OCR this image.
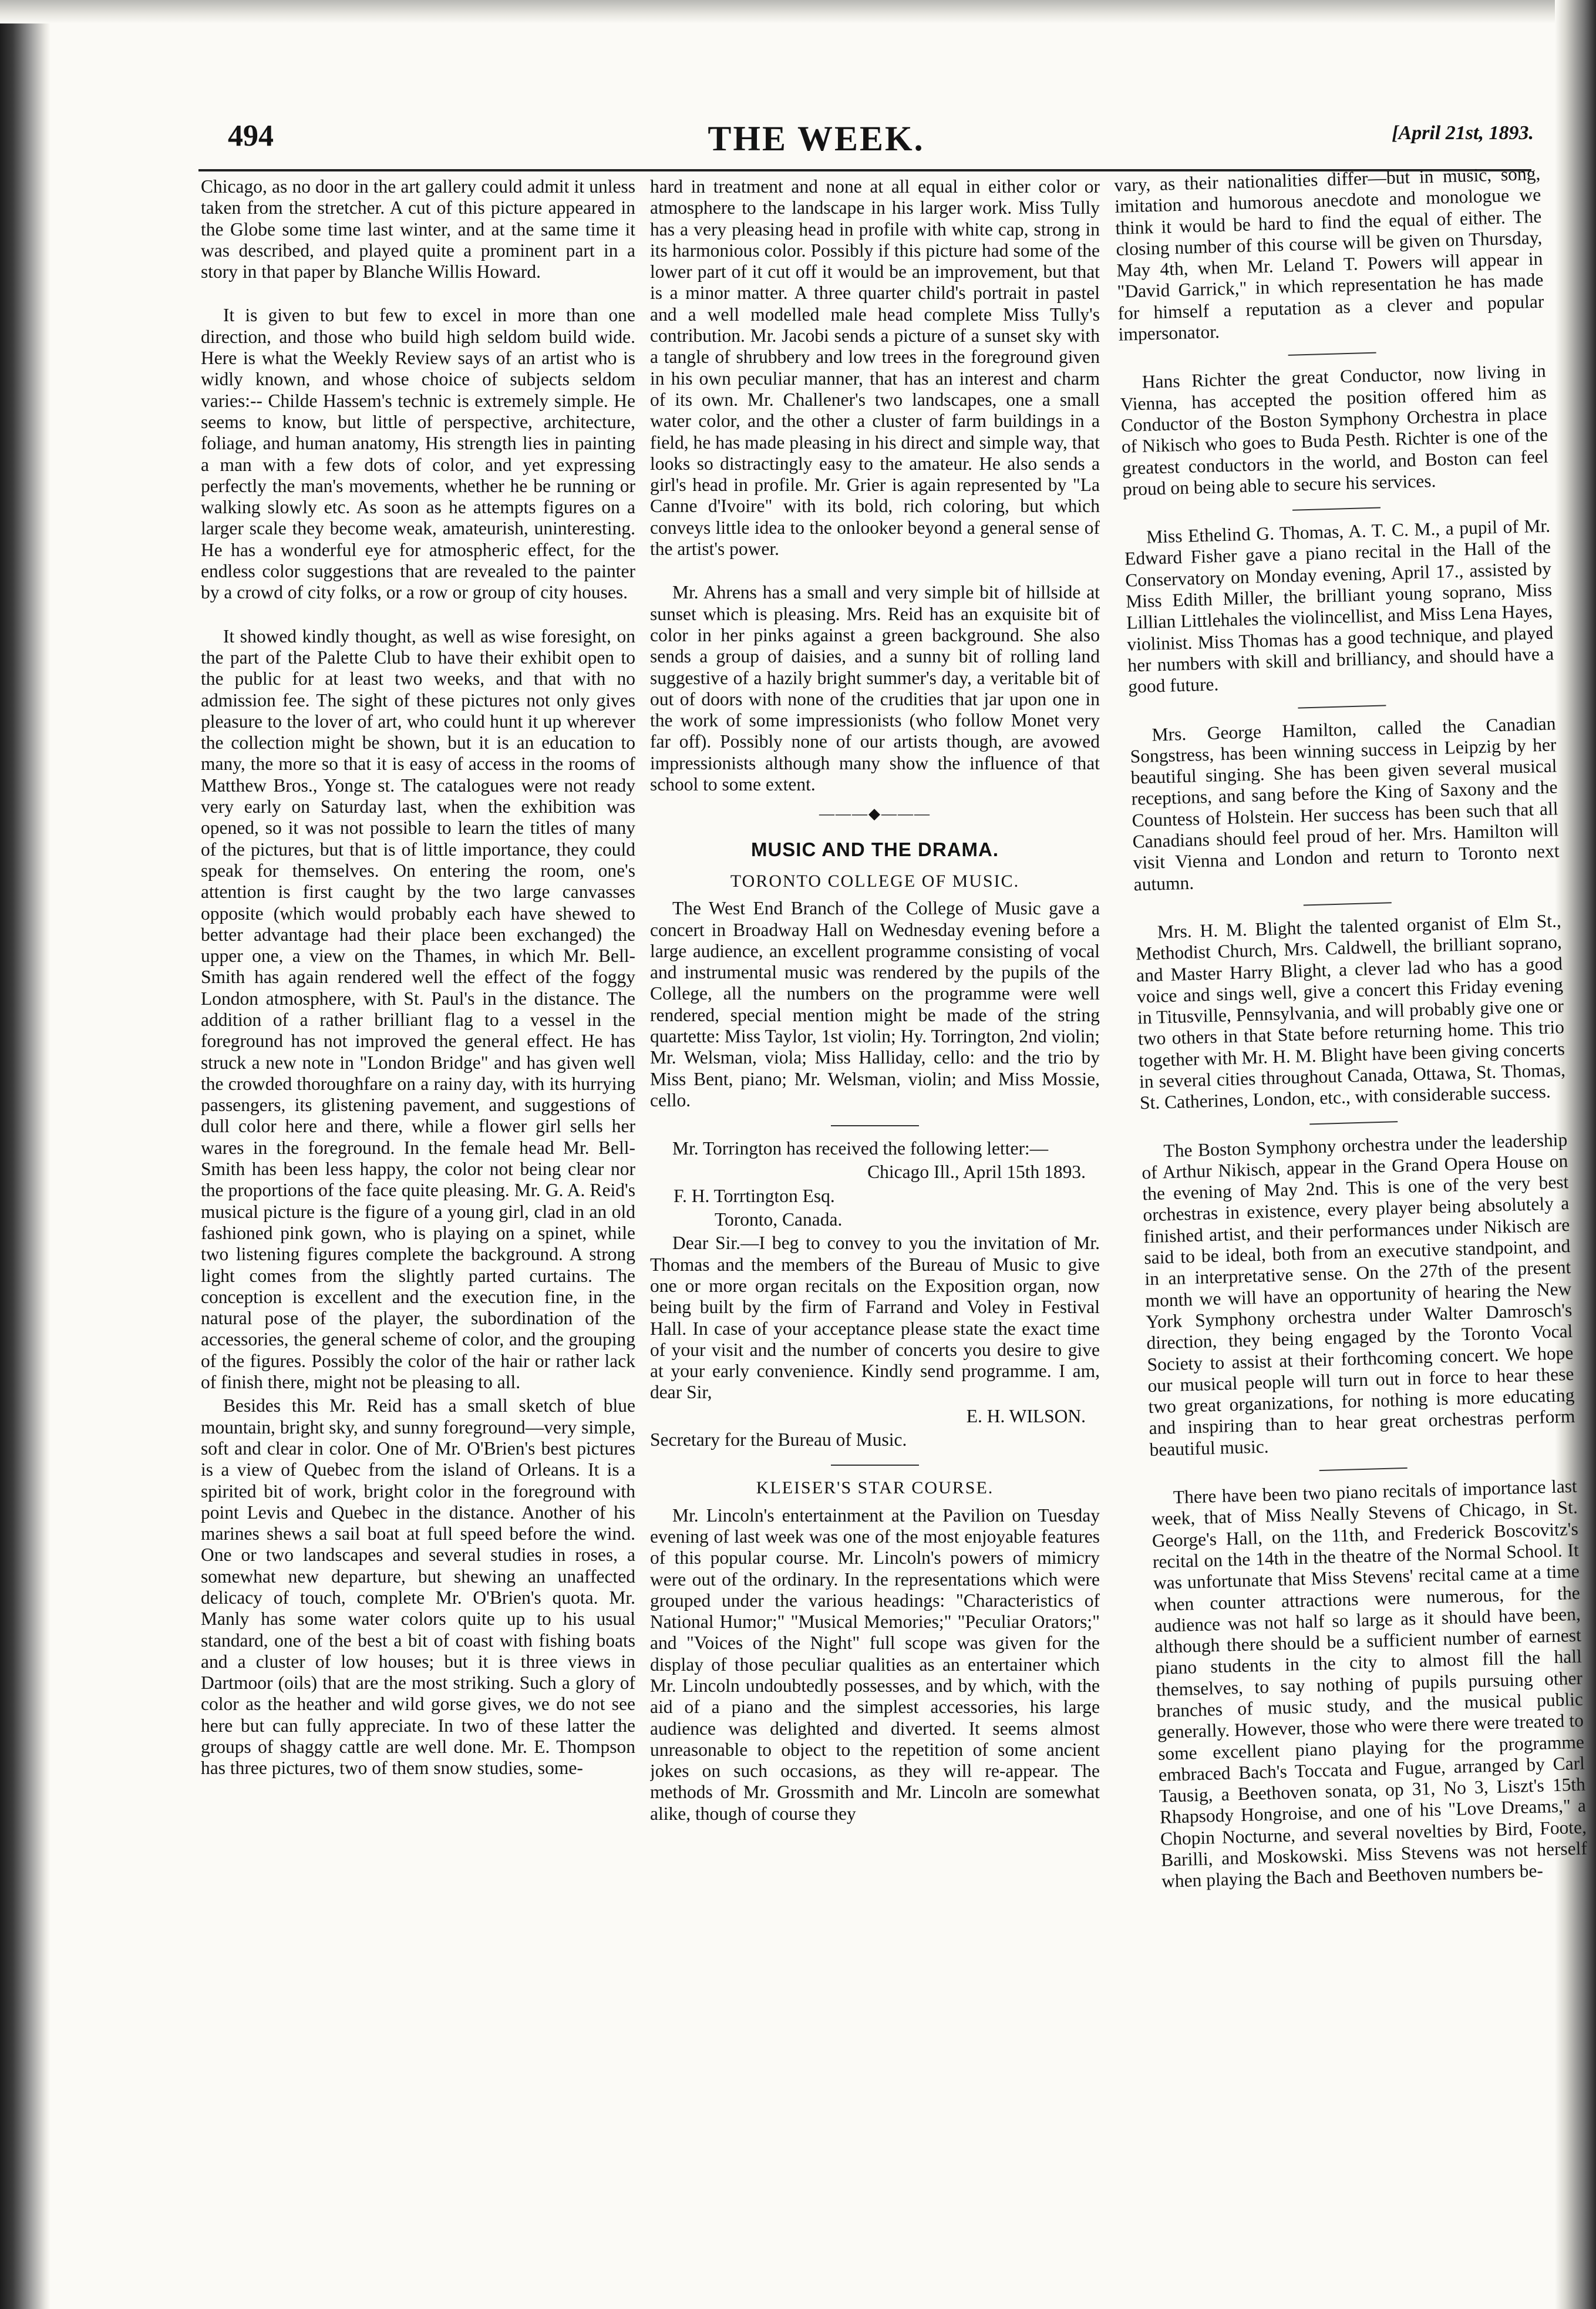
494	THE WEEK.	[April 21st, 1893.

Chicago, as no door in the art gallery could admit it unless taken from the stretcher. A cut of this picture appeared in the Globe some time last winter, and at the same time it was described, and played quite a prominent part in a story in that paper by Blanche Willis Howard.

It is given to but few to excel in more than one direction, and those who build high seldom build wide. Here is what the Weekly Review says of an artist who is widly known, and whose choice of subjects seldom varies:-- Childe Hassem's technic is extremely simple. He seems to know, but little of perspective, architecture, foliage, and human anatomy, His strength lies in painting a man with a few dots of color, and yet expressing perfectly the man's movements, whether he be running or walking slowly etc. As soon as he attempts figures on a larger scale they become weak, amateurish, uninteresting. He has a wonderful eye for atmospheric effect, for the endless color suggestions that are revealed to the painter by a crowd of city folks, or a row or group of city houses.

It showed kindly thought, as well as wise foresight, on the part of the Palette Club to have their exhibit open to the public for at least two weeks, and that with no admission fee. The sight of these pictures not only gives pleasure to the lover of art, who could hunt it up wherever the collection might be shown, but it is an education to many, the more so that it is easy of access in the rooms of Matthew Bros., Yonge st. The catalogues were not ready very early on Saturday last, when the exhibition was opened, so it was not possible to learn the titles of many of the pictures, but that is of little importance, they could speak for themselves. On entering the room, one's attention is first caught by the two large canvasses opposite (which would probably each have shewed to better advantage had their place been exchanged) the upper one, a view on the Thames, in which Mr. Bell-Smith has again rendered well the effect of the foggy London atmosphere, with St. Paul's in the distance. The addition of a rather brilliant flag to a vessel in the foreground has not improved the general effect. He has struck a new note in "London Bridge" and has given well the crowded thoroughfare on a rainy day, with its hurrying passengers, its glistening pavement, and suggestions of dull color here and there, while a flower girl sells her wares in the foreground. In the female head Mr. Bell-Smith has been less happy, the color not being clear nor the proportions of the face quite pleasing. Mr. G. A. Reid's musical picture is the figure of a young girl, clad in an old fashioned pink gown, who is playing on a spinet, while two listening figures complete the background. A strong light comes from the slightly parted curtains. The conception is excellent and the execution fine, in the natural pose of the player, the subordination of the accessories, the general scheme of color, and the grouping of the figures. Possibly the color of the hair or rather lack of finish there, might not be pleasing to all.

Besides this Mr. Reid has a small sketch of blue mountain, bright sky, and sunny foreground—very simple, soft and clear in color. One of Mr. O'Brien's best pictures is a view of Quebec from the island of Orleans. It is a spirited bit of work, bright color in the foreground with point Levis and Quebec in the distance. Another of his marines shews a sail boat at full speed before the wind. One or two landscapes and several studies in roses, a somewhat new departure, but shewing an unaffected delicacy of touch, complete Mr. O'Brien's quota. Mr. Manly has some water colors quite up to his usual standard, one of the best a bit of coast with fishing boats and a cluster of low houses; but it is three views in Dartmoor (oils) that are the most striking. Such a glory of color as the heather and wild gorse gives, we do not see here but can fully appreciate. In two of these latter the groups of shaggy cattle are well done. Mr. E. Thompson has three pictures, two of them snow studies, some-

hard in treatment and none at all equal in either color or atmosphere to the landscape in his larger work. Miss Tully has a very pleasing head in profile with white cap, strong in its harmonious color. Possibly if this picture had some of the lower part of it cut off it would be an improvement, but that is a minor matter. A three quarter child's portrait in pastel and a well modelled male head complete Miss Tully's contribution. Mr. Jacobi sends a picture of a sunset sky with a tangle of shrubbery and low trees in the foreground given in his own peculiar manner, that has an interest and charm of its own. Mr. Challener's two landscapes, one a small water color, and the other a cluster of farm buildings in a field, he has made pleasing in his direct and simple way, that looks so distractingly easy to the amateur. He also sends a girl's head in profile. Mr. Grier is again represented by "La Canne d'Ivoire" with its bold, rich coloring, but which conveys little idea to the onlooker beyond a general sense of the artist's power.

Mr. Ahrens has a small and very simple bit of hillside at sunset which is pleasing. Mrs. Reid has an exquisite bit of color in her pinks against a green background. She also sends a group of daisies, and a sunny bit of rolling land suggestive of a hazily bright summer's day, a veritable bit of out of doors with none of the crudities that jar upon one in the work of some impressionists (who follow Monet very far off). Possibly none of our artists though, are avowed impressionists although many show the influence of that school to some extent.

———◆———
MUSIC AND THE DRAMA.
TORONTO COLLEGE OF MUSIC.

The West End Branch of the College of Music gave a concert in Broadway Hall on Wednesday evening before a large audience, an excellent programme consisting of vocal and instrumental music was rendered by the pupils of the College, all the numbers on the programme were well rendered, special mention might be made of the string quartette: Miss Taylor, 1st violin; Hy. Torrington, 2nd violin; Mr. Welsman, viola; Miss Halliday, cello: and the trio by Miss Bent, piano; Mr. Welsman, violin; and Miss Mossie, cello.

Mr. Torrington has received the following letter:—

Chicago Ill., April 15th 1893.

F. H. Torrtington Esq.

Toronto, Canada.

Dear Sir.—I beg to convey to you the invitation of Mr. Thomas and the members of the Bureau of Music to give one or more organ recitals on the Exposition organ, now being built by the firm of Farrand and Voley in Festival Hall. In case of your acceptance please state the exact time of your visit and the number of concerts you desire to give at your early convenience. Kindly send programme. I am, dear Sir,

E. H. WILSON.

Secretary for the Bureau of Music.

KLEISER'S STAR COURSE.

Mr. Lincoln's entertainment at the Pavilion on Tuesday evening of last week was one of the most enjoyable features of this popular course. Mr. Lincoln's powers of mimicry were out of the ordinary. In the representations which were grouped under the various headings: "Characteristics of National Humor;" "Musical Memories;" "Peculiar Orators;" and "Voices of the Night" full scope was given for the display of those peculiar qualities as an entertainer which Mr. Lincoln undoubtedly possesses, and by which, with the aid of a piano and the simplest accessories, his large audience was delighted and diverted. It seems almost unreasonable to object to the repetition of some ancient jokes on such occasions, as they will re-appear. The methods of Mr. Grossmith and Mr. Lincoln are somewhat alike, though of course they

vary, as their nationalities differ—but in music, song, imitation and humorous anecdote and monologue we think it would be hard to find the equal of either. The closing number of this course will be given on Thursday, May 4th, when Mr. Leland T. Powers will appear in "David Garrick," in which representation he has made for himself a reputation as a clever and popular impersonator.

Hans Richter the great Conductor, now living in Vienna, has accepted the position offered him as Conductor of the Boston Symphony Orchestra in place of Nikisch who goes to Buda Pesth. Richter is one of the greatest conductors in the world, and Boston can feel proud on being able to secure his services.

Miss Ethelind G. Thomas, A. T. C. M., a pupil of Mr. Edward Fisher gave a piano recital in the Hall of the Conservatory on Monday evening, April 17., assisted by Miss Edith Miller, the brilliant young soprano, Miss Lillian Littlehales the violincellist, and Miss Lena Hayes, violinist. Miss Thomas has a good technique, and played her numbers with skill and brilliancy, and should have a good future.

Mrs. George Hamilton, called the Canadian Songstress, has been winning success in Leipzig by her beautiful singing. She has been given several musical receptions, and sang before the King of Saxony and the Countess of Holstein. Her success has been such that all Canadians should feel proud of her. Mrs. Hamilton will visit Vienna and London and return to Toronto next autumn.

Mrs. H. M. Blight the talented organist of Elm St., Methodist Church, Mrs. Caldwell, the brilliant soprano, and Master Harry Blight, a clever lad who has a good voice and sings well, give a concert this Friday evening in Titusville, Pennsylvania, and will probably give one or two others in that State before returning home. This trio together with Mr. H. M. Blight have been giving concerts in several cities throughout Canada, Ottawa, St. Thomas, St. Catherines, London, etc., with considerable success.

The Boston Symphony orchestra under the leadership of Arthur Nikisch, appear in the Grand Opera House on the evening of May 2nd. This is one of the very best orchestras in existence, every player being absolutely a finished artist, and their performances under Nikisch are said to be ideal, both from an executive standpoint, and in an interpretative sense. On the 27th of the present month we will have an opportunity of hearing the New York Symphony orchestra under Walter Damrosch's direction, they being engaged by the Toronto Vocal Society to assist at their forthcoming concert. We hope our musical people will turn out in force to hear these two great organizations, for nothing is more educating and inspiring than to hear great orchestras perform beautiful music.

There have been two piano recitals of importance last week, that of Miss Neally Stevens of Chicago, in St. George's Hall, on the 11th, and Frederick Boscovitz's recital on the 14th in the theatre of the Normal School. It was unfortunate that Miss Stevens' recital came at a time when counter attractions were numerous, for the audience was not half so large as it should have been, although there should be a sufficient number of earnest piano students in the city to almost fill the hall themselves, to say nothing of pupils pursuing other branches of music study, and the musical public generally. However, those who were there were treated to some excellent piano playing for the programme embraced Bach's Toccata and Fugue, arranged by Carl Tausig, a Beethoven sonata, op 31, No 3, Liszt's 15th Rhapsody Hongroise, and one of his "Love Dreams," a Chopin Nocturne, and several novelties by Bird, Foote, Barilli, and Moskowski. Miss Stevens was not herself when playing the Bach and Beethoven numbers be-
